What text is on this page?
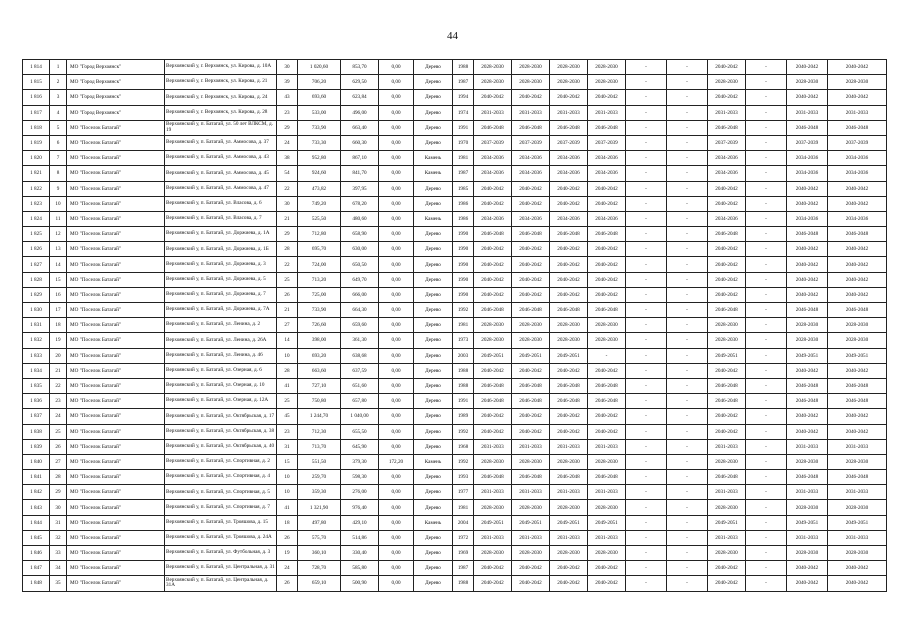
44
1 814	1	МО "Город Верхоянск"	Верхоянский у, г. Верхоянск, ул. Кирова, д. 10А	30	1 020,60	853,70	0,00	Дерево	1988	2028-2030	2028-2030	2028-2030	2028-2030	-	-	2040-2042	-	2040-2042	2040-2042
1 815	2	МО "Город Верхоянск"	Верхоянский у, г. Верхоянск, ул. Кирова, д. 21	39	706,20	629,50	0,00	Дерево	1987	2028-2030	2028-2030	2028-2030	2028-2030	-	-	2028-2030	-	2028-2030	2028-2030
1 816	3	МО "Город Верхоянск"	Верхоянский у, г. Верхоянск, ул. Кирова, д. 24	43	693,60	623,84	0,00	Дерево	1994	2040-2042	2040-2042	2040-2042	2040-2042	-	-	2040-2042	-	2040-2042	2040-2042
1 817	4	МО "Город Верхоянск"	Верхоянский у, г. Верхоянск, ул. Кирова, д. 28	23	533,00	496,00	0,00	Дерево	1974	2031-2033	2031-2033	2031-2033	2031-2033	-	-	2031-2033	-	2031-2033	2031-2033
1 818	5	МО "Поселок Батагай"	Верхоянский у, п. Батагай, ул. 50 лет ВЛКСМ, д. 19	29	733,90	663,40	0,00	Дерево	1991	2046-2048	2046-2048	2046-2048	2046-2048	-	-	2046-2048	-	2046-2048	2046-2048
1 819	6	МО "Поселок Батагай"	Верхоянский у, п. Батагай, ул. Аммосова, д. 37	24	733,30	660,30	0,00	Дерево	1970	2037-2039	2037-2039	2037-2039	2037-2039	-	-	2037-2039	-	2037-2039	2037-2039
1 820	7	МО "Поселок Батагай"	Верхоянский у, п. Батагай, ул. Аммосова, д. 43	38	952,80	867,10	0,00	Камень	1981	2034-2036	2034-2036	2034-2036	2034-2036	-	-	2034-2036	-	2034-2036	2034-2036
1 821	8	МО "Поселок Батагай"	Верхоянский у, п. Батагай, ул. Аммосова, д. 45	54	924,60	841,70	0,00	Камень	1987	2034-2036	2034-2036	2034-2036	2034-2036	-	-	2034-2036	-	2034-2036	2034-2036
1 822	9	МО "Поселок Батагай"	Верхоянский у, п. Батагай, ул. Аммосова, д. 47	22	473,82	397,95	0,00	Дерево	1985	2040-2042	2040-2042	2040-2042	2040-2042	-	-	2040-2042	-	2040-2042	2040-2042
1 823	10	МО "Поселок Батагай"	Верхоянский у, п. Батагай, ул. Власова, д. 6	30	749,20	678,20	0,00	Дерево	1986	2040-2042	2040-2042	2040-2042	2040-2042	-	-	2040-2042	-	2040-2042	2040-2042
1 824	11	МО "Поселок Батагай"	Верхоянский у, п. Батагай, ул. Власова, д. 7	21	525,50	480,60	0,00	Камень	1986	2034-2036	2034-2036	2034-2036	2034-2036	-	-	2034-2036	-	2034-2036	2034-2036
1 825	12	МО "Поселок Батагай"	Верхоянский у, п. Батагай, ул. Доржиева, д. 1А	29	712,80	658,90	0,00	Дерево	1990	2046-2048	2046-2048	2046-2048	2046-2048	-	-	2046-2048	-	2046-2048	2046-2048
1 826	13	МО "Поселок Батагай"	Верхоянский у, п. Батагай, ул. Доржиева, д. 1Б	28	695,70	630,00	0,00	Дерево	1990	2040-2042	2040-2042	2040-2042	2040-2042	-	-	2040-2042	-	2040-2042	2040-2042
1 827	14	МО "Поселок Батагай"	Верхоянский у, п. Батагай, ул. Доржиева, д. 3	22	724,00	650,50	0,00	Дерево	1990	2040-2042	2040-2042	2040-2042	2040-2042	-	-	2040-2042	-	2040-2042	2040-2042
1 828	15	МО "Поселок Батагай"	Верхоянский у, п. Батагай, ул. Доржиева, д. 5	25	713,20	649,70	0,00	Дерево	1990	2040-2042	2040-2042	2040-2042	2040-2042	-	-	2040-2042	-	2040-2042	2040-2042
1 829	16	МО "Поселок Батагай"	Верхоянский у, п. Батагай, ул. Доржиева, д. 7	26	725,00	666,00	0,00	Дерево	1990	2040-2042	2040-2042	2040-2042	2040-2042	-	-	2040-2042	-	2040-2042	2040-2042
1 830	17	МО "Поселок Батагай"	Верхоянский у, п. Батагай, ул. Доржиева, д. 7А	21	733,90	664,30	0,00	Дерево	1992	2046-2048	2046-2048	2046-2048	2046-2048	-	-	2046-2048	-	2046-2048	2046-2048
1 831	18	МО "Поселок Батагай"	Верхоянский у, п. Батагай, ул. Ленина, д. 2	27	726,60	659,60	0,00	Дерево	1981	2028-2030	2028-2030	2028-2030	2028-2030	-	-	2028-2030	-	2028-2030	2028-2030
1 832	19	МО "Поселок Батагай"	Верхоянский у, п. Батагай, ул. Ленина, д. 26А	14	398,00	361,30	0,00	Дерево	1973	2028-2030	2028-2030	2028-2030	2028-2030	-	-	2028-2030	-	2028-2030	2028-2030
1 833	20	МО "Поселок Батагай"	Верхоянский у, п. Батагай, ул. Ленина, д. 46	10	693,20	638,68	0,00	Дерево	2003	2049-2051	2049-2051	2049-2051	-	-	-	2049-2051	-	2049-2051	2049-2051
1 834	21	МО "Поселок Батагай"	Верхоянский у, п. Батагай, ул. Озерная, д. 6	28	663,60	637,59	0,00	Дерево	1988	2040-2042	2040-2042	2040-2042	2040-2042	-	-	2040-2042	-	2040-2042	2040-2042
1 835	22	МО "Поселок Батагай"	Верхоянский у, п. Батагай, ул. Озерная, д. 10	41	727,10	651,60	0,00	Дерево	1988	2046-2048	2046-2048	2046-2048	2046-2048	-	-	2046-2048	-	2046-2048	2046-2048
1 836	23	МО "Поселок Батагай"	Верхоянский у, п. Батагай, ул. Озерная, д. 12А	25	750,80	657,80	0,00	Дерево	1991	2046-2048	2046-2048	2046-2048	2046-2048	-	-	2046-2048	-	2046-2048	2046-2048
1 837	24	МО "Поселок Батагай"	Верхоянский у, п. Батагай, ул. Октябрьская, д. 17	45	1 244,70	1 040,00	0,00	Дерево	1989	2040-2042	2040-2042	2040-2042	2040-2042	-	-	2040-2042	-	2040-2042	2040-2042
1 838	25	МО "Поселок Батагай"	Верхоянский у, п. Батагай, ул. Октябрьская, д. 38	23	712,30	655,50	0,00	Дерево	1992	2040-2042	2040-2042	2040-2042	2040-2042	-	-	2040-2042	-	2040-2042	2040-2042
1 839	26	МО "Поселок Батагай"	Верхоянский у, п. Батагай, ул. Октябрьская, д. 40	31	713,70	645,90	0,00	Дерево	1968	2031-2033	2031-2033	2031-2033	2031-2033	-	-	2031-2033	-	2031-2033	2031-2033
1 840	27	МО "Поселок Батагай"	Верхоянский у, п. Батагай, ул. Спортивная, д. 2	15	551,50	379,30	172,20	Камень	1992	2028-2030	2028-2030	2028-2030	2028-2030	-	-	2028-2030	-	2028-2030	2028-2030
1 841	28	МО "Поселок Батагай"	Верхоянский у, п. Батагай, ул. Спортивная, д. 4	10	259,70	598,30	0,00	Дерево	1993	2046-2048	2046-2048	2046-2048	2046-2048	-	-	2046-2048	-	2046-2048	2046-2048
1 842	29	МО "Поселок Батагай"	Верхоянский у, п. Батагай, ул. Спортивная, д. 5	10	359,30	276,00	0,00	Дерево	1977	2031-2033	2031-2033	2031-2033	2031-2033	-	-	2031-2033	-	2031-2033	2031-2033
1 843	30	МО "Поселок Батагай"	Верхоянский у, п. Батагай, ул. Спортивная, д. 7	41	1 321,90	976,40	0,00	Дерево	1981	2028-2030	2028-2030	2028-2030	2028-2030	-	-	2028-2030	-	2028-2030	2028-2030
1 844	31	МО "Поселок Батагай"	Верхоянский у, п. Батагай, ул. Трояшова, д. 15	18	497,80	429,10	0,00	Камень	2004	2049-2051	2049-2051	2049-2051	2049-2051	-	-	2049-2051	-	2049-2051	2049-2051
1 845	32	МО "Поселок Батагай"	Верхоянский у, п. Батагай, ул. Трояшова, д. 24А	26	575,70	514,86	0,00	Дерево	1972	2031-2033	2031-2033	2031-2033	2031-2033	-	-	2031-2033	-	2031-2033	2031-2033
1 846	33	МО "Поселок Батагай"	Верхоянский у, п. Батагай, ул. Футбольная, д. 3	19	360,10	330,40	0,00	Дерево	1969	2028-2030	2028-2030	2028-2030	2028-2030	-	-	2028-2030	-	2028-2030	2028-2030
1 847	34	МО "Поселок Батагай"	Верхоянский у, п. Батагай, ул. Центральная, д. 31	24	728,70	585,80	0,00	Дерево	1987	2040-2042	2040-2042	2040-2042	2040-2042	-	-	2040-2042	-	2040-2042	2040-2042
1 848	35	МО "Поселок Батагай"	Верхоянский у, п. Батагай, ул. Центральная, д. 31А	26	659,10	500,90	0,00	Дерево	1988	2040-2042	2040-2042	2040-2042	2040-2042	-	-	2040-2042	-	2040-2042	2040-2042
